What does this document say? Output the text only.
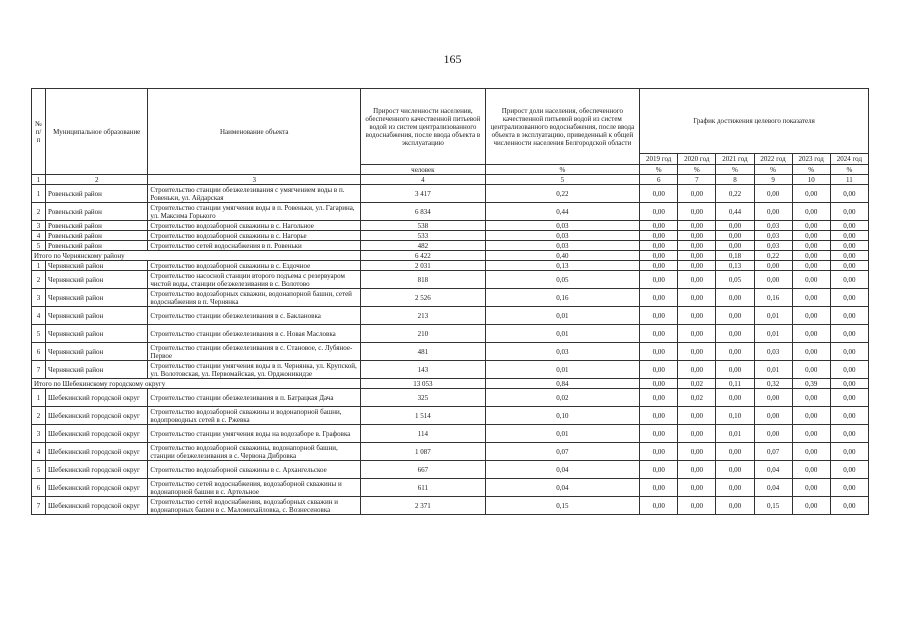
165
№ п/п	Муниципальное образование	Наименование объекта	Прирост численности населения, обеспеченного качественной питьевой водой из систем централизованного водоснабжения, после ввода объекта в эксплуатацию	Прирост доли населения, обеспеченного качественной питьевой водой из систем централизованного водоснабжения, после ввода объекта в эксплуатацию, приведенный к общей численности населения Белгородской области	График достижения целевого показателя					
					2019 год	2020 год	2021 год	2022 год	2023 год	2024 год
			человек	%	%	%	%	%	%	%
1	2	3	4	5	6	7	8	9	10	11
1	Ровеньский район	Строительство станции обезжелезивания с умягчением воды в п. Ровеньки, ул. Айдарская	3 417	0,22	0,00	0,00	0,22	0,00	0,00	0,00
2	Ровеньский район	Строительство станции умягчения воды в п. Ровеньки, ул. Гагарина, ул. Максима Горького	6 834	0,44	0,00	0,00	0,44	0,00	0,00	0,00
3	Ровеньский район	Строительство водозаборной скважины в с. Нагольное	538	0,03	0,00	0,00	0,00	0,03	0,00	0,00
4	Ровеньский район	Строительство водозаборной скважины в с. Нагорье	533	0,03	0,00	0,00	0,00	0,03	0,00	0,00
5	Ровеньский район	Строительство сетей водоснабжения в п. Ровеньки	482	0,03	0,00	0,00	0,00	0,03	0,00	0,00
Итого по Чернянскому району			6 422	0,40	0,00	0,00	0,18	0,22	0,00	0,00
1	Чернянский район	Строительство водозаборной скважины в с. Ездочное	2 031	0,13	0,00	0,00	0,13	0,00	0,00	0,00
2	Чернянский район	Строительство насосной станции второго подъема с резервуаром чистой воды, станции обезжелезивания в с. Волотово	818	0,05	0,00	0,00	0,05	0,00	0,00	0,00
3	Чернянский район	Строительство водозаборных скважин, водонапорной башни, сетей водоснабжения в п. Чернянка	2 526	0,16	0,00	0,00	0,00	0,16	0,00	0,00
4	Чернянский район	Строительство станции обезжелезивания в с. Баклановка	213	0,01	0,00	0,00	0,00	0,01	0,00	0,00
5	Чернянский район	Строительство станции обезжелезивания в с. Новая Масловка	210	0,01	0,00	0,00	0,00	0,01	0,00	0,00
6	Чернянский район	Строительство станции обезжелезивания в с. Становое, с. Лубяное-Первое	481	0,03	0,00	0,00	0,00	0,03	0,00	0,00
7	Чернянский район	Строительство станции умягчения воды в п. Чернянка, ул. Крупской, ул. Волотовская, ул. Первомайская, ул. Орджоникидзе	143	0,01	0,00	0,00	0,00	0,01	0,00	0,00
Итого по Шебекинскому городскому округу			13 053	0,84	0,00	0,02	0,11	0,32	0,39	0,00
1	Шебекинский городской округ	Строительство станции обезжелезивания в п. Батрацкая Дача	325	0,02	0,00	0,02	0,00	0,00	0,00	0,00
2	Шебекинский городской округ	Строительство водозаборной скважины и водонапорной башни, водопроводных сетей в с. Ржевка	1 514	0,10	0,00	0,00	0,10	0,00	0,00	0,00
3	Шебекинский городской округ	Строительство станции умягчения воды на водозаборе в. Графовка	114	0,01	0,00	0,00	0,01	0,00	0,00	0,00
4	Шебекинский городской округ	Строительство водозаборной скважины, водонапорной башни, станции обезжелезивания в с. Червона Дибровка	1 087	0,07	0,00	0,00	0,00	0,07	0,00	0,00
5	Шебекинский городской округ	Строительство водозаборной скважины в с. Архангельское	667	0,04	0,00	0,00	0,00	0,04	0,00	0,00
6	Шебекинский городской округ	Строительство сетей водоснабжения, водозаборной скважины и водонапорной башни в с. Артельное	611	0,04	0,00	0,00	0,00	0,04	0,00	0,00
7	Шебекинский городской округ	Строительство сетей водоснабжения, водозаборных скважин и водонапорных башен в с. Маломихайловка, с. Вознесеновка	2 371	0,15	0,00	0,00	0,00	0,15	0,00	0,00
